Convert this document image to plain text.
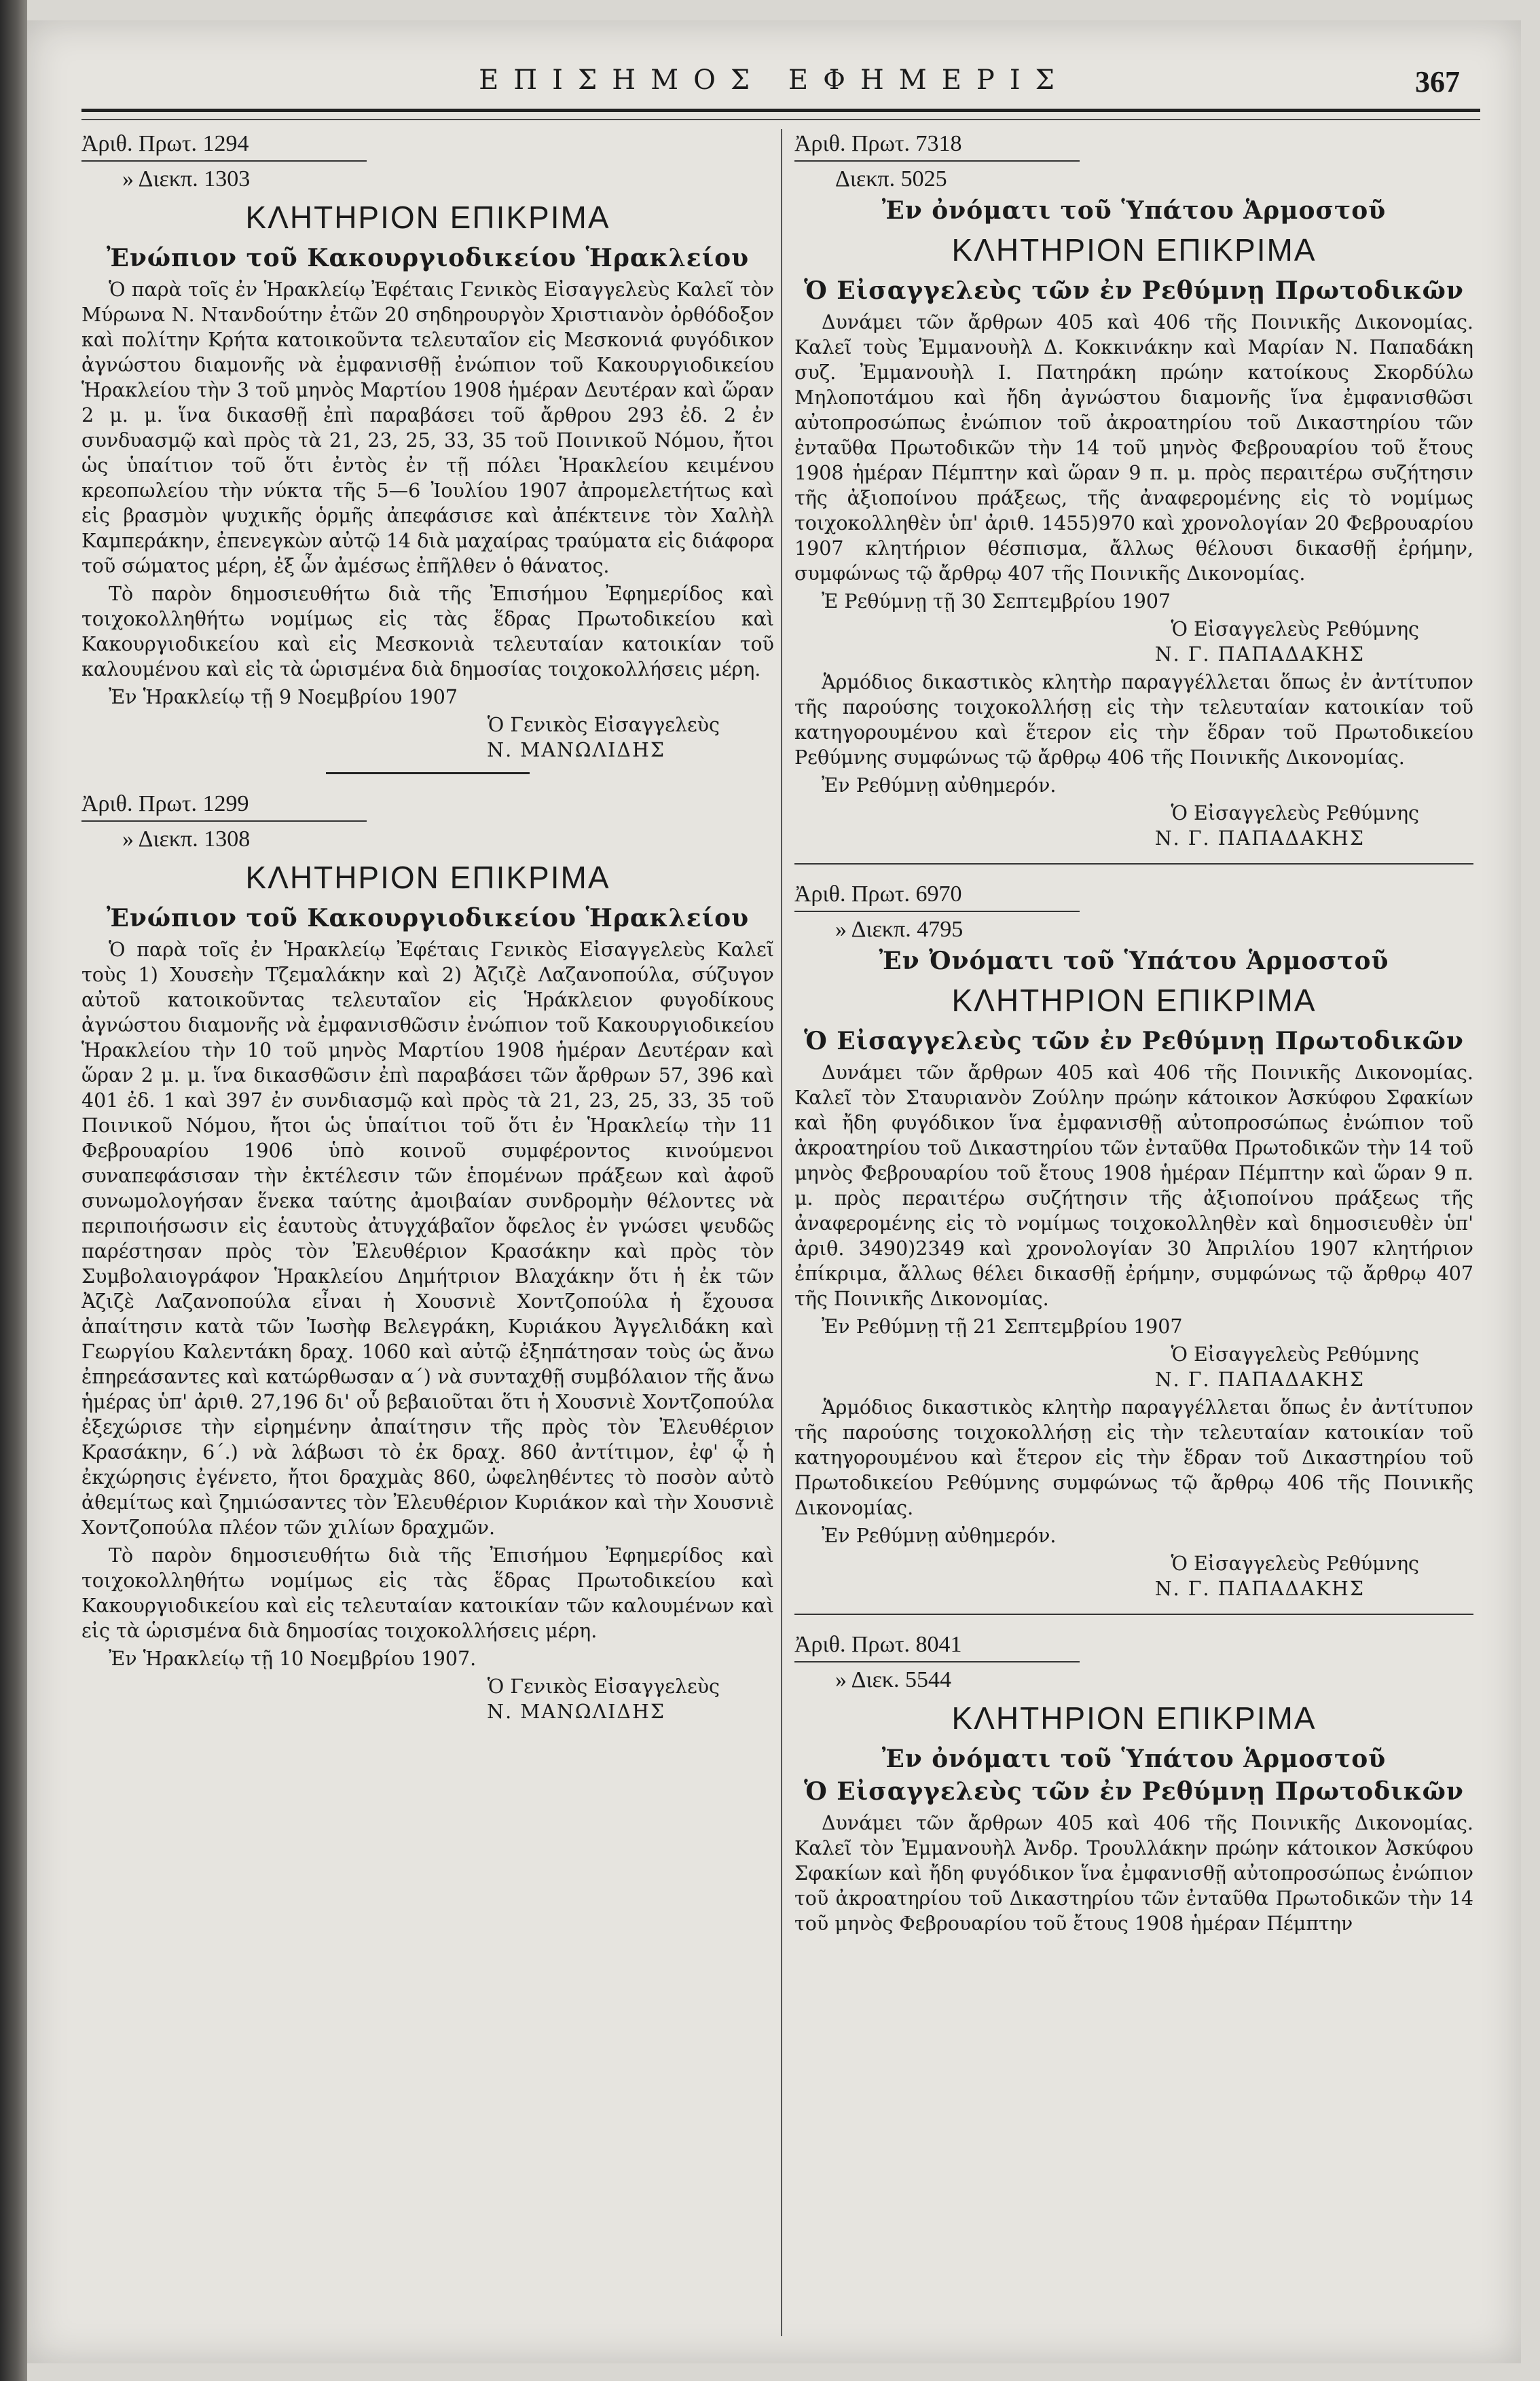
ΕΠΙΣΗΜΟΣ ΕΦΗΜΕΡΙΣ	367
Ἀριθ. Πρωτ. 1294
» Διεκπ. 1303
ΚΛΗΤΗΡΙΟΝ ΕΠΙΚΡΙΜΑ
Ἐνώπιον τοῦ Κακουργιοδικείου Ἡρακλείου

Ὁ παρὰ τοῖς ἐν Ἡρακλείῳ Ἐφέταις Γενικὸς Εἰσαγγελεὺς Καλεῖ τὸν Μύρωνα Ν. Ντανδούτην ἐτῶν 20 σηδηρουργὸν Χριστιανὸν ὀρθόδοξον καὶ πολίτην Κρήτα κατοικοῦντα τελευταῖον εἰς Μεσκονιά φυγόδικον ἀγνώστου διαμονῆς νὰ ἐμφανισθῇ ἐνώπιον τοῦ Κακουργιοδικείου Ἡρακλείου τὴν 3 τοῦ μηνὸς Μαρτίου 1908 ἡμέραν Δευτέραν καὶ ὥραν 2 μ. μ. ἵνα δικασθῇ ἐπὶ παραβάσει τοῦ ἄρθρου 293 ἐδ. 2 ἐν συνδυασμῷ καὶ πρὸς τὰ 21, 23, 25, 33, 35 τοῦ Ποινικοῦ Νόμου, ἤτοι ὡς ὑπαίτιον τοῦ ὅτι ἐντὸς ἐν τῇ πόλει Ἡρακλείου κειμένου κρεοπωλείου τὴν νύκτα τῆς 5—6 Ἰουλίου 1907 ἀπρομελετήτως καὶ εἰς βρασμὸν ψυχικῆς ὁρμῆς ἀπεφάσισε καὶ ἀπέκτεινε τὸν Χαλὴλ Καμπεράκην, ἐπενεγκὼν αὐτῷ 14 διὰ μαχαίρας τραύματα εἰς διάφορα τοῦ σώματος μέρη, ἐξ ὧν ἀμέσως ἐπῆλθεν ὁ θάνατος.

Τὸ παρὸν δημοσιευθήτω διὰ τῆς Ἐπισήμου Ἐφημερίδος καὶ τοιχοκολληθήτω νομίμως εἰς τὰς ἕδρας Πρωτοδικείου καὶ Κακουργιοδικείου καὶ εἰς Μεσκονιὰ τελευταίαν κατοικίαν τοῦ καλουμένου καὶ εἰς τὰ ὡρισμένα διὰ δημοσίας τοιχοκολλήσεις μέρη.

Ἐν Ἡρακλείῳ τῇ 9 Νοεμβρίου 1907
Ὁ Γενικὸς Εἰσαγγελεὺς
Ν. ΜΑΝΩΛΙΔΗΣ
Ἀριθ. Πρωτ. 1299
» Διεκπ. 1308
ΚΛΗΤΗΡΙΟΝ ΕΠΙΚΡΙΜΑ
Ἐνώπιον τοῦ Κακουργιοδικείου Ἡρακλείου

Ὁ παρὰ τοῖς ἐν Ἡρακλείῳ Ἐφέταις Γενικὸς Εἰσαγγελεὺς Καλεῖ τοὺς 1) Χουσεὴν Τζεμαλάκην καὶ 2) Ἀζιζὲ Λαζανοπούλα, σύζυγον αὐτοῦ κατοικοῦντας τελευταῖον εἰς Ἡράκλειον φυγοδίκους ἀγνώστου διαμονῆς νὰ ἐμφανισθῶσιν ἐνώπιον τοῦ Κακουργιοδικείου Ἡρακλείου τὴν 10 τοῦ μηνὸς Μαρτίου 1908 ἡμέραν Δευτέραν καὶ ὥραν 2 μ. μ. ἵνα δικασθῶσιν ἐπὶ παραβάσει τῶν ἄρθρων 57, 396 καὶ 401 ἐδ. 1 καὶ 397 ἐν συνδιασμῷ καὶ πρὸς τὰ 21, 23, 25, 33, 35 τοῦ Ποινικοῦ Νόμου, ἤτοι ὡς ὑπαίτιοι τοῦ ὅτι ἐν Ἡρακλείῳ τὴν 11 Φεβρουαρίου 1906 ὑπὸ κοινοῦ συμφέροντος κινούμενοι συναπεφάσισαν τὴν ἐκτέλεσιν τῶν ἑπομένων πράξεων καὶ ἀφοῦ συνωμολογήσαν ἕνεκα ταύτης ἀμοιβαίαν συνδρομὴν θέλοντες νὰ περιποιήσωσιν εἰς ἑαυτοὺς ἀτυγχάβαῖον ὄφελος ἐν γνώσει ψευδῶς παρέστησαν πρὸς τὸν Ἐλευθέριον Κρασάκην καὶ πρὸς τὸν Συμβολαιογράφον Ἡρακλείου Δημήτριον Βλαχάκην ὅτι ἡ ἐκ τῶν Ἀζιζὲ Λαζανοπούλα εἶναι ἡ Χουσνιὲ Χοντζοπούλα ἡ ἔχουσα ἀπαίτησιν κατὰ τῶν Ἰωσὴφ Βελεγράκη, Κυριάκου Ἀγγελιδάκη καὶ Γεωργίου Καλεντάκη δραχ. 1060 καὶ αὐτῷ ἐξηπάτησαν τοὺς ὡς ἄνω ἐπηρεάσαντες καὶ κατώρθωσαν α΄) νὰ συνταχθῇ συμβόλαιον τῆς ἄνω ἡμέρας ὑπ' ἀριθ. 27,196 δι' οὗ βεβαιοῦται ὅτι ἡ Χουσνιὲ Χοντζοπούλα ἐξεχώρισε τὴν εἰρημένην ἀπαίτησιν τῆς πρὸς τὸν Ἐλευθέριον Κρασάκην, 6΄.) νὰ λάβωσι τὸ ἐκ δραχ. 860 ἀντίτιμον, ἐφ' ᾧ ἡ ἐκχώρησις ἐγένετο, ἤτοι δραχμὰς 860, ὠφεληθέντες τὸ ποσὸν αὐτὸ ἀθεμίτως καὶ ζημιώσαντες τὸν Ἐλευθέριον Κυριάκον καὶ τὴν Χουσνιὲ Χοντζοπούλα πλέον τῶν χιλίων δραχμῶν.

Τὸ παρὸν δημοσιευθήτω διὰ τῆς Ἐπισήμου Ἐφημερίδος καὶ τοιχοκολληθήτω νομίμως εἰς τὰς ἕδρας Πρωτοδικείου καὶ Κακουργιοδικείου καὶ εἰς τελευταίαν κατοικίαν τῶν καλουμένων καὶ εἰς τὰ ὡρισμένα διὰ δημοσίας τοιχοκολλήσεις μέρη.

Ἐν Ἡρακλείῳ τῇ 10 Νοεμβρίου 1907.
Ὁ Γενικὸς Εἰσαγγελεὺς
Ν. ΜΑΝΩΛΙΔΗΣ
Ἀριθ. Πρωτ. 7318
Διεκπ. 5025
Ἐν ὀνόματι τοῦ Ὑπάτου Ἁρμοστοῦ
ΚΛΗΤΗΡΙΟΝ ΕΠΙΚΡΙΜΑ
Ὁ Εἰσαγγελεὺς τῶν ἐν Ρεθύμνῃ Πρωτοδικῶν

Δυνάμει τῶν ἄρθρων 405 καὶ 406 τῆς Ποινικῆς Δικονομίας. Καλεῖ τοὺς Ἐμμανουὴλ Δ. Κοκκινάκην καὶ Μαρίαν Ν. Παπαδάκη συζ. Ἐμμανουὴλ Ι. Πατηράκη πρώην κατοίκους Σκορδύλω Μηλοποτάμου καὶ ἤδη ἀγνώστου διαμονῆς ἵνα ἐμφανισθῶσι αὐτοπροσώπως ἐνώπιον τοῦ ἀκροατηρίου τοῦ Δικαστηρίου τῶν ἐνταῦθα Πρωτοδικῶν τὴν 14 τοῦ μηνὸς Φεβρουαρίου τοῦ ἔτους 1908 ἡμέραν Πέμπτην καὶ ὥραν 9 π. μ. πρὸς περαιτέρω συζήτησιν τῆς ἀξιοποίνου πράξεως, τῆς ἀναφερομένης εἰς τὸ νομίμως τοιχοκολληθὲν ὑπ' ἀριθ. 1455)970 καὶ χρονολογίαν 20 Φεβρουαρίου 1907 κλητήριον θέσπισμα, ἄλλως θέλουσι δικασθῇ ἐρήμην, συμφώνως τῷ ἄρθρῳ 407 τῆς Ποινικῆς Δικονομίας.

Ἐ Ρεθύμνῃ τῇ 30 Σεπτεμβρίου 1907
Ὁ Εἰσαγγελεὺς Ρεθύμνης
Ν. Γ. ΠΑΠΑΔΑΚΗΣ

Ἁρμόδιος δικαστικὸς κλητὴρ παραγγέλλεται ὅπως ἐν ἀντίτυπον τῆς παρούσης τοιχοκολλήσῃ εἰς τὴν τελευταίαν κατοικίαν τοῦ κατηγορουμένου καὶ ἕτερον εἰς τὴν ἕδραν τοῦ Πρωτοδικείου Ρεθύμνης συμφώνως τῷ ἄρθρῳ 406 τῆς Ποινικῆς Δικονομίας.

Ἐν Ρεθύμνῃ αὐθημερόν.
Ὁ Εἰσαγγελεὺς Ρεθύμνης
Ν. Γ. ΠΑΠΑΔΑΚΗΣ
Ἀριθ. Πρωτ. 6970
» Διεκπ. 4795
Ἐν Ὀνόματι τοῦ Ὑπάτου Ἁρμοστοῦ
ΚΛΗΤΗΡΙΟΝ ΕΠΙΚΡΙΜΑ
Ὁ Εἰσαγγελεὺς τῶν ἐν Ρεθύμνῃ Πρωτοδικῶν

Δυνάμει τῶν ἄρθρων 405 καὶ 406 τῆς Ποινικῆς Δικονομίας. Καλεῖ τὸν Σταυριανὸν Ζούλην πρώην κάτοικον Ἀσκύφου Σφακίων καὶ ἤδη φυγόδικον ἵνα ἐμφανισθῇ αὐτοπροσώπως ἐνώπιον τοῦ ἀκροατηρίου τοῦ Δικαστηρίου τῶν ἐνταῦθα Πρωτοδικῶν τὴν 14 τοῦ μηνὸς Φεβρουαρίου τοῦ ἔτους 1908 ἡμέραν Πέμπτην καὶ ὥραν 9 π. μ. πρὸς περαιτέρω συζήτησιν τῆς ἀξιοποίνου πράξεως τῆς ἀναφερομένης εἰς τὸ νομίμως τοιχοκολληθὲν καὶ δημοσιευθὲν ὑπ' ἀριθ. 3490)2349 καὶ χρονολογίαν 30 Ἀπριλίου 1907 κλητήριον ἐπίκριμα, ἄλλως θέλει δικασθῇ ἐρήμην, συμφώνως τῷ ἄρθρῳ 407 τῆς Ποινικῆς Δικονομίας.

Ἐν Ρεθύμνῃ τῇ 21 Σεπτεμβρίου 1907
Ὁ Εἰσαγγελεὺς Ρεθύμνης
Ν. Γ. ΠΑΠΑΔΑΚΗΣ

Ἁρμόδιος δικαστικὸς κλητὴρ παραγγέλλεται ὅπως ἐν ἀντίτυπον τῆς παρούσης τοιχοκολλήσῃ εἰς τὴν τελευταίαν κατοικίαν τοῦ κατηγορουμένου καὶ ἕτερον εἰς τὴν ἕδραν τοῦ Δικαστηρίου τοῦ Πρωτοδικείου Ρεθύμνης συμφώνως τῷ ἄρθρῳ 406 τῆς Ποινικῆς Δικονομίας.

Ἐν Ρεθύμνῃ αὐθημερόν.
Ὁ Εἰσαγγελεὺς Ρεθύμνης
Ν. Γ. ΠΑΠΑΔΑΚΗΣ
Ἀριθ. Πρωτ. 8041
» Διεκ. 5544
ΚΛΗΤΗΡΙΟΝ ΕΠΙΚΡΙΜΑ
Ἐν ὀνόματι τοῦ Ὑπάτου Ἁρμοστοῦ
Ὁ Εἰσαγγελεὺς τῶν ἐν Ρεθύμνῃ Πρωτοδικῶν

Δυνάμει τῶν ἄρθρων 405 καὶ 406 τῆς Ποινικῆς Δικονομίας. Καλεῖ τὸν Ἐμμανουὴλ Ἀνδρ. Τρουλλάκην πρώην κάτοικον Ἀσκύφου Σφακίων καὶ ἤδη φυγόδικον ἵνα ἐμφανισθῇ αὐτοπροσώπως ἐνώπιον τοῦ ἀκροατηρίου τοῦ Δικαστηρίου τῶν ἐνταῦθα Πρωτοδικῶν τὴν 14 τοῦ μηνὸς Φεβρουαρίου τοῦ ἔτους 1908 ἡμέραν Πέμπτην
